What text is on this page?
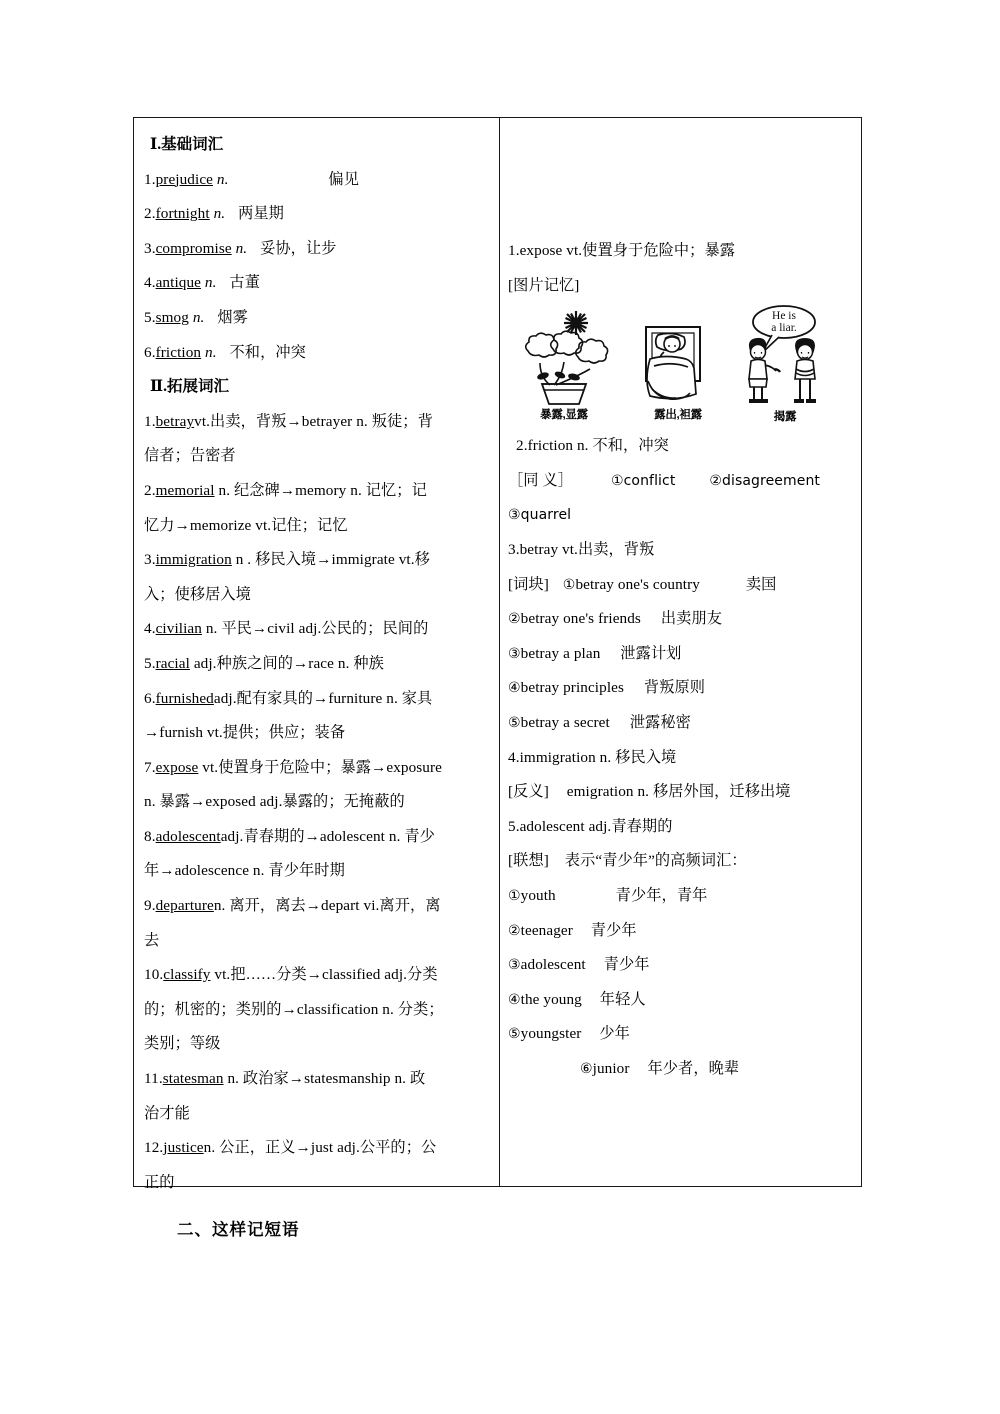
Ⅰ.基础词汇
1.prejudice n.	偏见
2.fortnight n. 两星期
3.compromise n. 妥协，让步
4.antique n. 古董
5.smog n. 烟雾
6.friction n. 不和，冲突
Ⅱ.拓展词汇
1.betrayvt.出卖，背叛→betrayer n. 叛徒；背
信者；告密者
2.memorial n. 纪念碑→memory n. 记忆；记
忆力→memorize vt.记住；记忆
3.immigration n . 移民入境→immigrate vt.移
入；使移居入境
4.civilian n. 平民→civil adj.公民的；民间的
5.racial adj.种族之间的→race n. 种族
6.furnishedadj.配有家具的→furniture n. 家具
→furnish vt.提供；供应；装备
7.expose vt.使置身于危险中；暴露→exposure
n. 暴露→exposed adj.暴露的；无掩蔽的
8.adolescentadj.青春期的→adolescent n. 青少
年→adolescence n. 青少年时期
9.departuren. 离开，离去→depart vi.离开，离
去
10.classify vt.把……分类→classified adj.分类
的；机密的；类别的→classification n. 分类；
类别；等级
11.statesman n. 政治家→statesmanship n. 政
治才能
12.justicen. 公正，正义→just adj.公平的；公
正的
1.expose vt.使置身于危险中；暴露
[图片记忆]
暴露,显露	露出,袒露
He is
a liar.
揭露
2.friction n. 不和，冲突
［同 义］	①conflict ②disagreement
③quarrel
3.betray vt.出卖，背叛
[词块] ①betray one's country	卖国
②betray one's friends 出卖朋友
③betray a plan 泄露计划
④betray principles 背叛原则
⑤betray a secret 泄露秘密
4.immigration n. 移民入境
[反义] emigration n. 移居外国，迁移出境
5.adolescent adj.青春期的
[联想] 表示“青少年”的高频词汇：
①youth	青少年，青年
②teenager 青少年
③adolescent 青少年
④the young 年轻人
⑤youngster 少年
⑥junior 年少者，晚辈
二、这样记短语
